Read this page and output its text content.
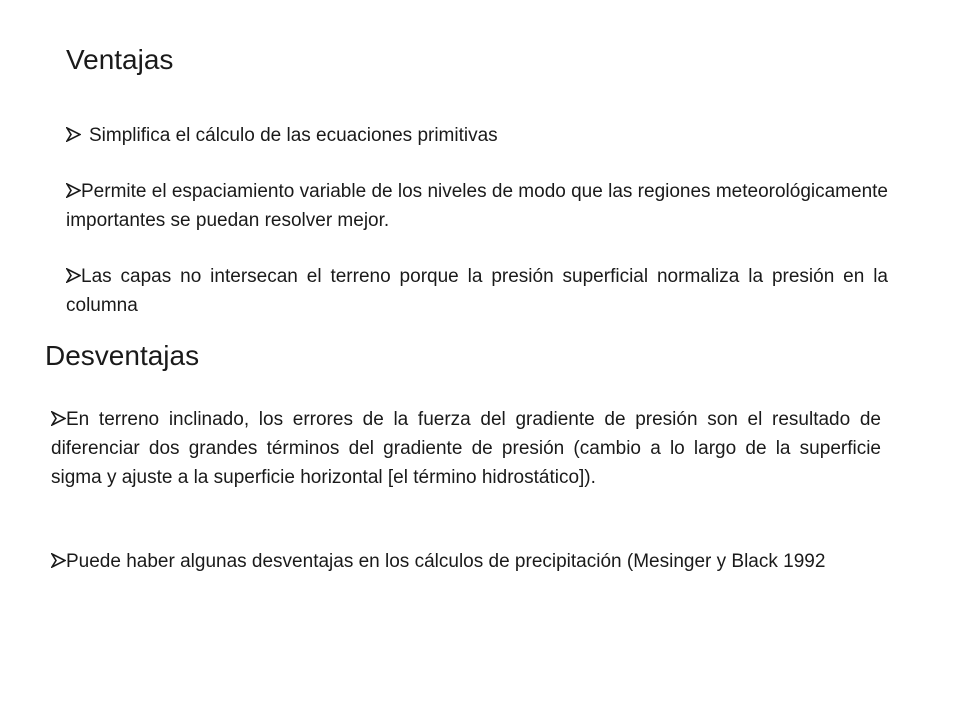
Ventajas

Simplifica el cálculo de las ecuaciones primitivas

Permite el espaciamiento variable de los niveles de modo que las regiones meteorológicamente importantes se puedan resolver mejor.

Las capas no intersecan el terreno porque la presión superficial normaliza la presión en la columna

Desventajas

En terreno inclinado, los errores de la fuerza del gradiente de presión son el resultado de diferenciar dos grandes términos del gradiente de presión (cambio a lo largo de la superficie sigma y ajuste a la superficie horizontal [el término hidrostático]).

Puede haber algunas desventajas en los cálculos de precipitación (Mesinger y Black 1992
